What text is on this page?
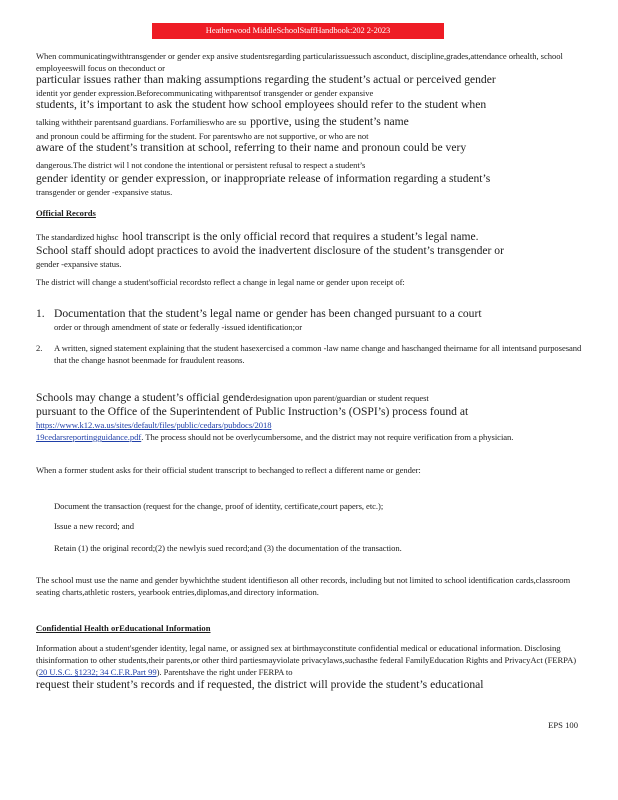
Heatherwood MiddleSchoolStaffHandbook:202 2-2023
When communicatingwithtransgender or gender exp ansive studentsregarding particularissuessuch asconduct, discipline,grades,attendance orhealth, school employeeswill focus on theconduct or
particular issues rather than making assumptions regarding the student’s actual or perceived gender
identit yor gender expression.Beforecommunicating withparentsof transgender or gender expansive
students, it’s important to ask the student how school employees should refer to the student when
talking withtheir parentsand guardians. Forfamilieswho are su pportive, using the student’s name
and pronoun could be affirming for the student. For parentswho are not supportive, or who are not
aware of the student’s transition at school, referring to their name and pronoun could be very
dangerous.The district wil l not condone the intentional or persistent refusal to respect a student’s
gender identity or gender expression, or inappropriate release of information regarding a student’s
transgender or gender -expansive status.
Official Records
The standardized highsc hool transcript is the only official record that requires a student’s legal name.
School staff should adopt practices to avoid the inadvertent disclosure of the student’s transgender or
gender -expansive status.
The district will change a student'sofficial recordsto reflect a change in legal name or gender upon receipt of:
1. Documentation that the student’s legal name or gender has been changed pursuant to a court
order or through amendment of state or federally -issued identification;or
2. A written, signed statement explaining that the student hasexercised a common -law name change and haschanged theirname for all intentsand purposesand that the change hasnot beenmade for fraudulent reasons.
Schools may change a student’s official genderdesignation upon parent/guardian or student request
pursuant to the Office of the Superintendent of Public Instruction’s (OSPI’s) process found at
https://www.k12.wa.us/sites/default/files/public/cedars/pubdocs/2018
19cedarsreportingguidance.pdf. The process should not be overlycumbersome, and the district may not require verification from a physician.
When a former student asks for their official student transcript to bechanged to reflect a different name or gender:
Document the transaction (request for the change, proof of identity, certificate,court papers, etc.);
Issue a new record; and
Retain (1) the original record;(2) the newlyis sued record;and (3) the documentation of the transaction.
The school must use the name and gender bywhichthe student identifieson all other records, including but not limited to school identification cards,classroom seating charts,athletic rosters, yearbook entries,diplomas,and directory information.
Confidential Health orEducational Information
Information about a student'sgender identity, legal name, or assigned sex at birthmayconstitute confidential medical or educational information. Disclosing thisinformation to other students,their parents,or other third partiesmayviolate privacylaws,suchasthe federal FamilyEducation Rights and PrivacyAct (FERPA) (20 U.S.C. §1232; 34 C.F.R.Part 99). Parentshave the right under FERPA to
request their student’s records and if requested, the district will provide the student’s educational
EPS 100
